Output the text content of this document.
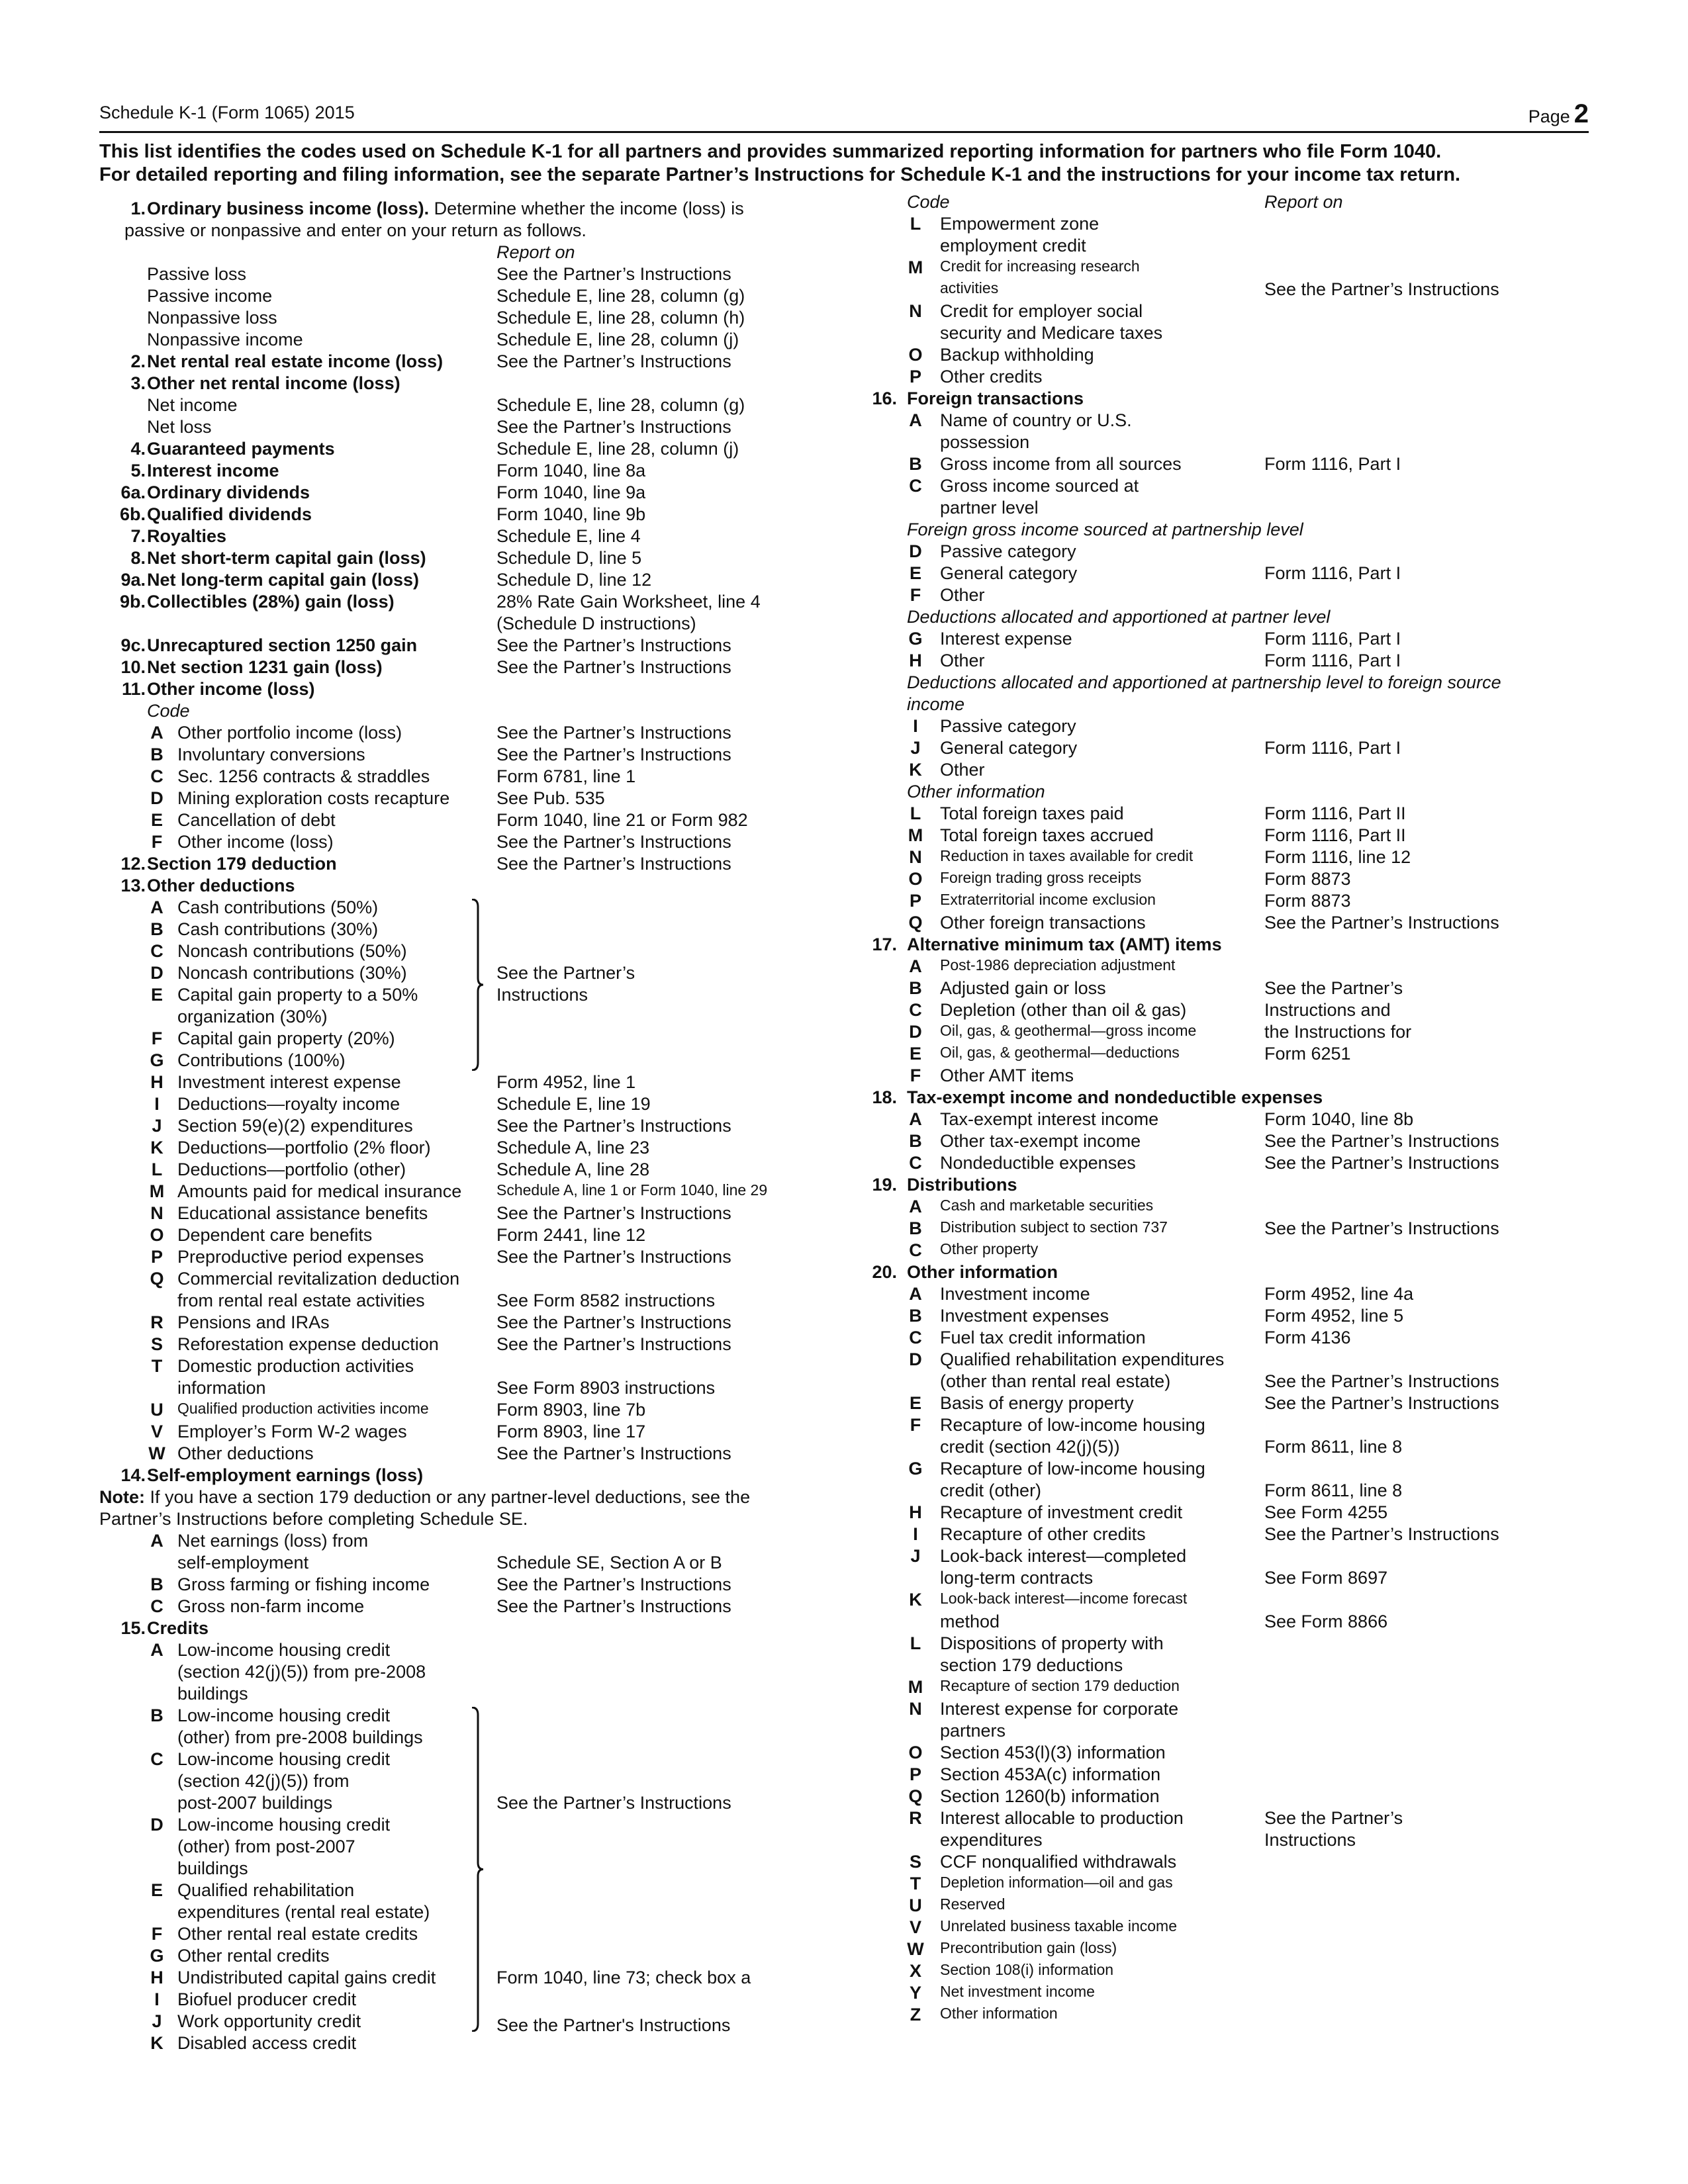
Schedule K-1 (Form 1065) 2015	Page 2
This list identifies the codes used on Schedule K-1 for all partners and provides summarized reporting information for partners who file Form 1040.
For detailed reporting and filing information, see the separate Partner’s Instructions for Schedule K-1 and the instructions for your income tax return.
1. Ordinary business income (loss). Determine whether the income (loss) is
passive or nonpassive and enter on your return as follows.
Report on
Passive loss	See the Partner’s Instructions
Passive income	Schedule E, line 28, column (g)
Nonpassive loss	Schedule E, line 28, column (h)
Nonpassive income	Schedule E, line 28, column (j)
2. Net rental real estate income (loss)	See the Partner’s Instructions
3. Other net rental income (loss)
Net income	Schedule E, line 28, column (g)
Net loss	See the Partner’s Instructions
4. Guaranteed payments	Schedule E, line 28, column (j)
5. Interest income	Form 1040, line 8a
6a. Ordinary dividends	Form 1040, line 9a
6b. Qualified dividends	Form 1040, line 9b
7. Royalties	Schedule E, line 4
8. Net short-term capital gain (loss)	Schedule D, line 5
9a. Net long-term capital gain (loss)	Schedule D, line 12
9b. Collectibles (28%) gain (loss)	28% Rate Gain Worksheet, line 4
(Schedule D instructions)
9c. Unrecaptured section 1250 gain	See the Partner’s Instructions
10. Net section 1231 gain (loss)	See the Partner’s Instructions
11. Other income (loss)
Code
A Other portfolio income (loss)	See the Partner’s Instructions
B Involuntary conversions	See the Partner’s Instructions
C Sec. 1256 contracts & straddles	Form 6781, line 1
D Mining exploration costs recapture	See Pub. 535
E Cancellation of debt	Form 1040, line 21 or Form 982
F Other income (loss)	See the Partner’s Instructions
12. Section 179 deduction	See the Partner’s Instructions
13. Other deductions
A Cash contributions (50%)
B Cash contributions (30%)
C Noncash contributions (50%)
D Noncash contributions (30%)	See the Partner’s
E Capital gain property to a 50%	Instructions
organization (30%)
F Capital gain property (20%)
G Contributions (100%)
H Investment interest expense	Form 4952, line 1
I	Deductions—royalty income	Schedule E, line 19
J Section 59(e)(2) expenditures	See the Partner’s Instructions
K Deductions—portfolio (2% floor)	Schedule A, line 23
L Deductions—portfolio (other)	Schedule A, line 28
M Amounts paid for medical insurance Schedule A, line 1 or Form 1040, line 29
N Educational assistance benefits	See the Partner’s Instructions
O Dependent care benefits	Form 2441, line 12
P Preproductive period expenses	See the Partner’s Instructions
Q Commercial revitalization deduction
from rental real estate activities	See Form 8582 instructions
R Pensions and IRAs	See the Partner’s Instructions
S Reforestation expense deduction	See the Partner’s Instructions
T Domestic production activities
information	See Form 8903 instructions
U Qualified production activities income	Form 8903, line 7b
V Employer’s Form W-2 wages	Form 8903, line 17
W Other deductions	See the Partner’s Instructions
14. Self-employment earnings (loss)
Note: If you have a section 179 deduction or any partner-level deductions, see the
Partner’s Instructions before completing Schedule SE.
A Net earnings (loss) from
self-employment	Schedule SE, Section A or B
B Gross farming or fishing income	See the Partner’s Instructions
C Gross non-farm income	See the Partner’s Instructions
15. Credits
A Low-income housing credit
(section 42(j)(5)) from pre-2008
buildings
B Low-income housing credit
(other) from pre-2008 buildings
C Low-income housing credit
(section 42(j)(5)) from
post-2007 buildings	See the Partner’s Instructions
D Low-income housing credit
(other) from post-2007
buildings
E Qualified rehabilitation
expenditures (rental real estate)
F Other rental real estate credits
G Other rental credits
H Undistributed capital gains credit	Form 1040, line 73; check box a
I	Biofuel producer credit
J Work opportunity credit	See the Partner's Instructions
K Disabled access credit
Code	Report on
L Empowerment zone
employment credit
M Credit for increasing research
activities	See the Partner’s Instructions
N Credit for employer social
security and Medicare taxes
O Backup withholding
P Other credits
16. Foreign transactions
A Name of country or U.S.
possession
B Gross income from all sources	Form 1116, Part I
C Gross income sourced at
partner level
Foreign gross income sourced at partnership level
D Passive category
E General category	Form 1116, Part I
F Other
Deductions allocated and apportioned at partner level
G Interest expense	Form 1116, Part I
H Other	Form 1116, Part I
Deductions allocated and apportioned at partnership level to foreign source
income
I	Passive category
J General category	Form 1116, Part I
K Other
Other information
L Total foreign taxes paid	Form 1116, Part II
M Total foreign taxes accrued	Form 1116, Part II
N Reduction in taxes available for credit	Form 1116, line 12
O Foreign trading gross receipts	Form 8873
P Extraterritorial income exclusion	Form 8873
Q Other foreign transactions	See the Partner’s Instructions
17. Alternative minimum tax (AMT) items
A Post-1986 depreciation adjustment
B Adjusted gain or loss	See the Partner’s
C Depletion (other than oil & gas)	Instructions and
D Oil, gas, & geothermal—gross income	the Instructions for
E Oil, gas, & geothermal—deductions	Form 6251
F Other AMT items
18. Tax-exempt income and nondeductible expenses
A Tax-exempt interest income	Form 1040, line 8b
B Other tax-exempt income	See the Partner’s Instructions
C Nondeductible expenses	See the Partner’s Instructions
19. Distributions
A Cash and marketable securities
B Distribution subject to section 737	See the Partner’s Instructions
C Other property
20. Other information
A Investment income	Form 4952, line 4a
B Investment expenses	Form 4952, line 5
C Fuel tax credit information	Form 4136
D Qualified rehabilitation expenditures
(other than rental real estate)	See the Partner’s Instructions
E Basis of energy property	See the Partner’s Instructions
F Recapture of low-income housing
credit (section 42(j)(5))	Form 8611, line 8
G Recapture of low-income housing
credit (other)	Form 8611, line 8
H Recapture of investment credit	See Form 4255
I	Recapture of other credits	See the Partner’s Instructions
J Look-back interest—completed
long-term contracts	See Form 8697
K Look-back interest—income forecast
method	See Form 8866
L Dispositions of property with
section 179 deductions
M Recapture of section 179 deduction
N Interest expense for corporate
partners
O Section 453(l)(3) information
P Section 453A(c) information
Q Section 1260(b) information
R Interest allocable to production	See the Partner’s
expenditures	Instructions
S CCF nonqualified withdrawals
T Depletion information—oil and gas
U Reserved
V Unrelated business taxable income
W Precontribution gain (loss)
X Section 108(i) information
Y Net investment income
Z Other information
